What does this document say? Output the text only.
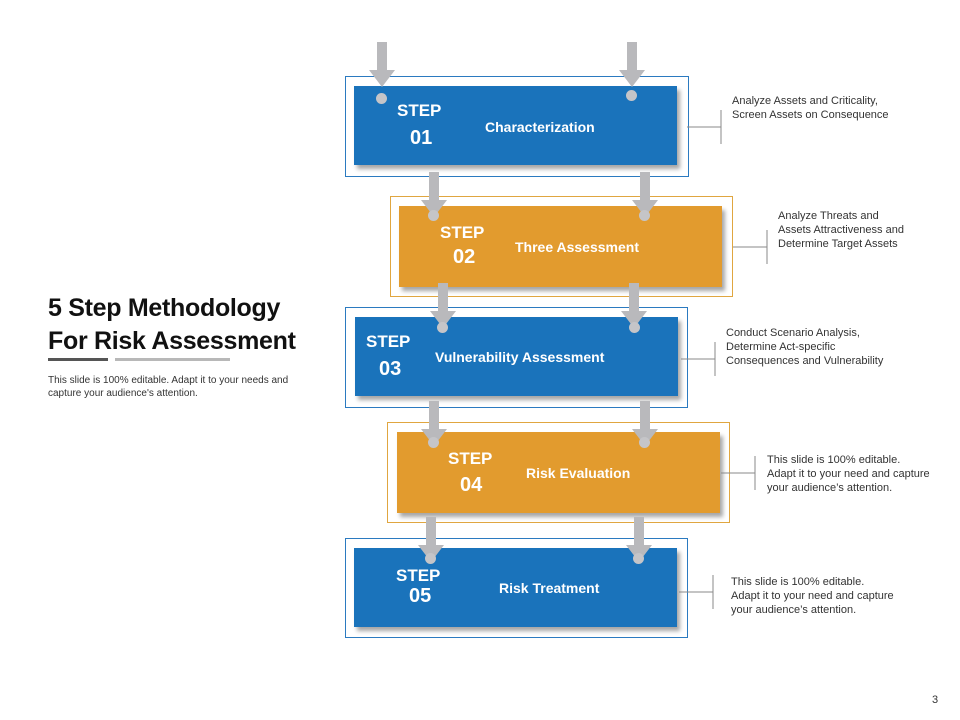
5 Step Methodology
For Risk Assessment
This slide is 100% editable. Adapt it to your needs and
capture your audience's attention.
STEP
01	Characterization
STEP
02	Three Assessment
STEP
03
Vulnerability Assessment
STEP
04
Risk Evaluation
STEP
05	Risk Treatment
Analyze Assets and Criticality,
Screen Assets on Consequence
Analyze Threats and
Assets Attractiveness and
Determine Target Assets
Conduct Scenario Analysis,
Determine Act-specific
Consequences and Vulnerability
This slide is 100% editable.
Adapt it to your need and capture
your audience’s attention.
This slide is 100% editable.
Adapt it to your need and capture
your audience’s attention.
3
